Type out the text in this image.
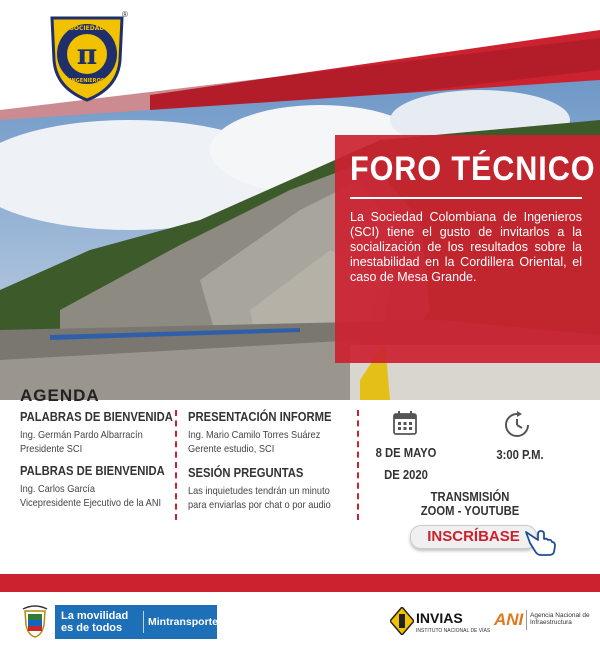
π
SOCIEDAD
INGENIEROS
®
FORO TÉCNICO
La Sociedad Colombiana de Ingenieros (SCI) tiene el gusto de invitarlos a la socialización de los resultados sobre la inestabilidad en la Cordillera Oriental, el caso de Mesa Grande.
AGENDA
PALABRAS DE BIENVENIDA
Ing. Germán Pardo Albarracín
Presidente SCI
PALBRAS DE BIENVENIDA
Ing. Carlos García
Vicepresidente Ejecutivo de la ANI
PRESENTACIÓN INFORME
Ing. Mario Camilo Torres Suárez
Gerente estudio, SCI
SESIÓN PREGUNTAS
Las inquietudes tendrán un minuto
para enviarlas por chat o por audio
8 DE MAYO
DE 2020
3:00 P.M.
TRANSMISIÓN
ZOOM - YOUTUBE
INSCRÍBASE
La movilidad
es de todos	Mintransporte	INVIAS
INSTITUTO NACIONAL DE VÍAS
ANI Agencia Nacional de
Infraestructura
